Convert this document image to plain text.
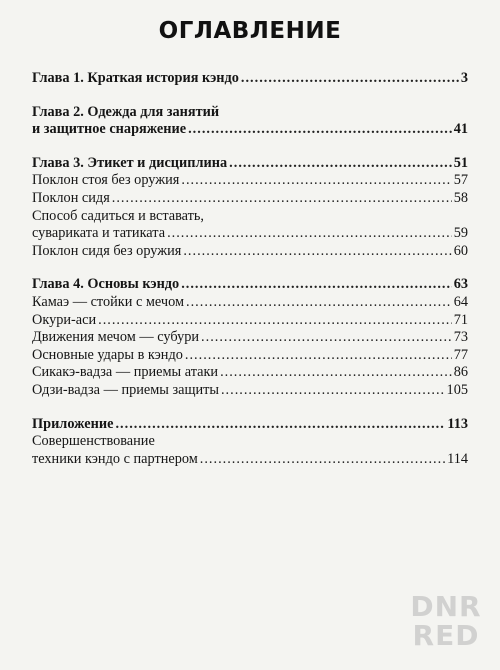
ОГЛАВЛЕНИЕ
Глава 1. Краткая история кэндо .....	3
Глава 2. Одежда для занятий
и защитное снаряжение .....	41
Глава 3. Этикет и дисциплина .....	51
Поклон стоя без оружия .....	57
Поклон сидя .....	58
Способ садиться и вставать,
сувариката и татиката .....	59
Поклон сидя без оружия .....	60
Глава 4. Основы кэндо .....	63
Камаэ — стойки с мечом .....	64
Окури-аси .....	71
Движения мечом — субури .....	73
Основные удары в кэндо .....	77
Сикакэ-вадза — приемы атаки .....	86
Одзи-вадза — приемы защиты .....	105
Приложение .....	113
Совершенствование
техники кэндо с партнером .....	114
DNR
RED
